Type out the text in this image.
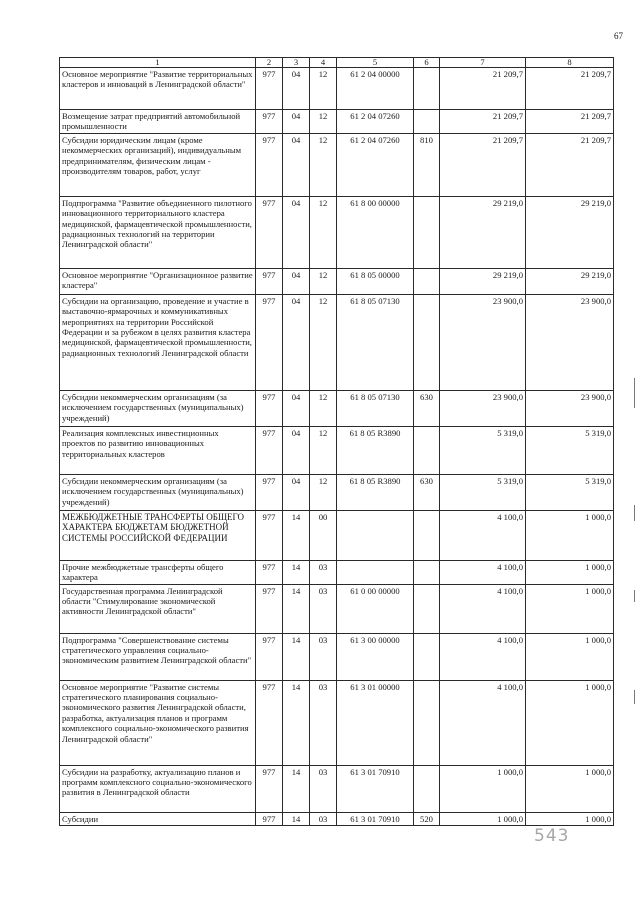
67
1	2	3	4	5	6	7	8
Основное мероприятие "Развитие территориальных кластеров и инноваций в Ленинградской области"	977	04	12	61 2 04 00000		21 209,7	21 209,7
Возмещение затрат предприятий автомобильной промышленности	977	04	12	61 2 04 07260		21 209,7	21 209,7
Субсидии юридическим лицам (кроме некоммерческих организаций), индивидуальным предпринимателям, физическим лицам - производителям товаров, работ, услуг	977	04	12	61 2 04 07260	810	21 209,7	21 209,7
Подпрограмма "Развитие объединенного пилотного инновационного территориального кластера медицинской, фармацевтической промышленности, радиационных технологий на территории Ленинградской области"	977	04	12	61 8 00 00000		29 219,0	29 219,0
Основное мероприятие "Организационное развитие кластера"	977	04	12	61 8 05 00000		29 219,0	29 219,0
Субсидии на организацию, проведение и участие в выставочно-ярмарочных и коммуникативных мероприятиях на территории Российской Федерации и за рубежом в целях развития кластера медицинской, фармацевтической промышленности, радиационных технологий Ленинградской области	977	04	12	61 8 05 07130		23 900,0	23 900,0
Субсидии некоммерческим организациям (за исключением государственных (муниципальных) учреждений)	977	04	12	61 8 05 07130	630	23 900,0	23 900,0
Реализация комплексных инвестиционных проектов по развитию инновационных территориальных кластеров	977	04	12	61 8 05 R3890		5 319,0	5 319,0
Субсидии некоммерческим организациям (за исключением государственных (муниципальных) учреждений)	977	04	12	61 8 05 R3890	630	5 319,0	5 319,0
МЕЖБЮДЖЕТНЫЕ ТРАНСФЕРТЫ ОБЩЕГО ХАРАКТЕРА БЮДЖЕТАМ БЮДЖЕТНОЙ СИСТЕМЫ РОССИЙСКОЙ ФЕДЕРАЦИИ	977	14	00			4 100,0	1 000,0
Прочие межбюджетные трансферты общего характера	977	14	03			4 100,0	1 000,0
Государственная программа Ленинградской области "Стимулирование экономической активности Ленинградской области"	977	14	03	61 0 00 00000		4 100,0	1 000,0
Подпрограмма "Совершенствование системы стратегического управления социально-экономическим развитием Ленинградской области"	977	14	03	61 3 00 00000		4 100,0	1 000,0
Основное мероприятие "Развитие системы стратегического планирования социально-экономического развития Ленинградской области, разработка, актуализация планов и программ комплексного социально-экономического развития Ленинградской области"	977	14	03	61 3 01 00000		4 100,0	1 000,0
Субсидии на разработку, актуализацию планов и программ комплексного социально-экономического развития в Ленинградской области	977	14	03	61 3 01 70910		1 000,0	1 000,0
Субсидии	977	14	03	61 3 01 70910	520	1 000,0	1 000,0
543
